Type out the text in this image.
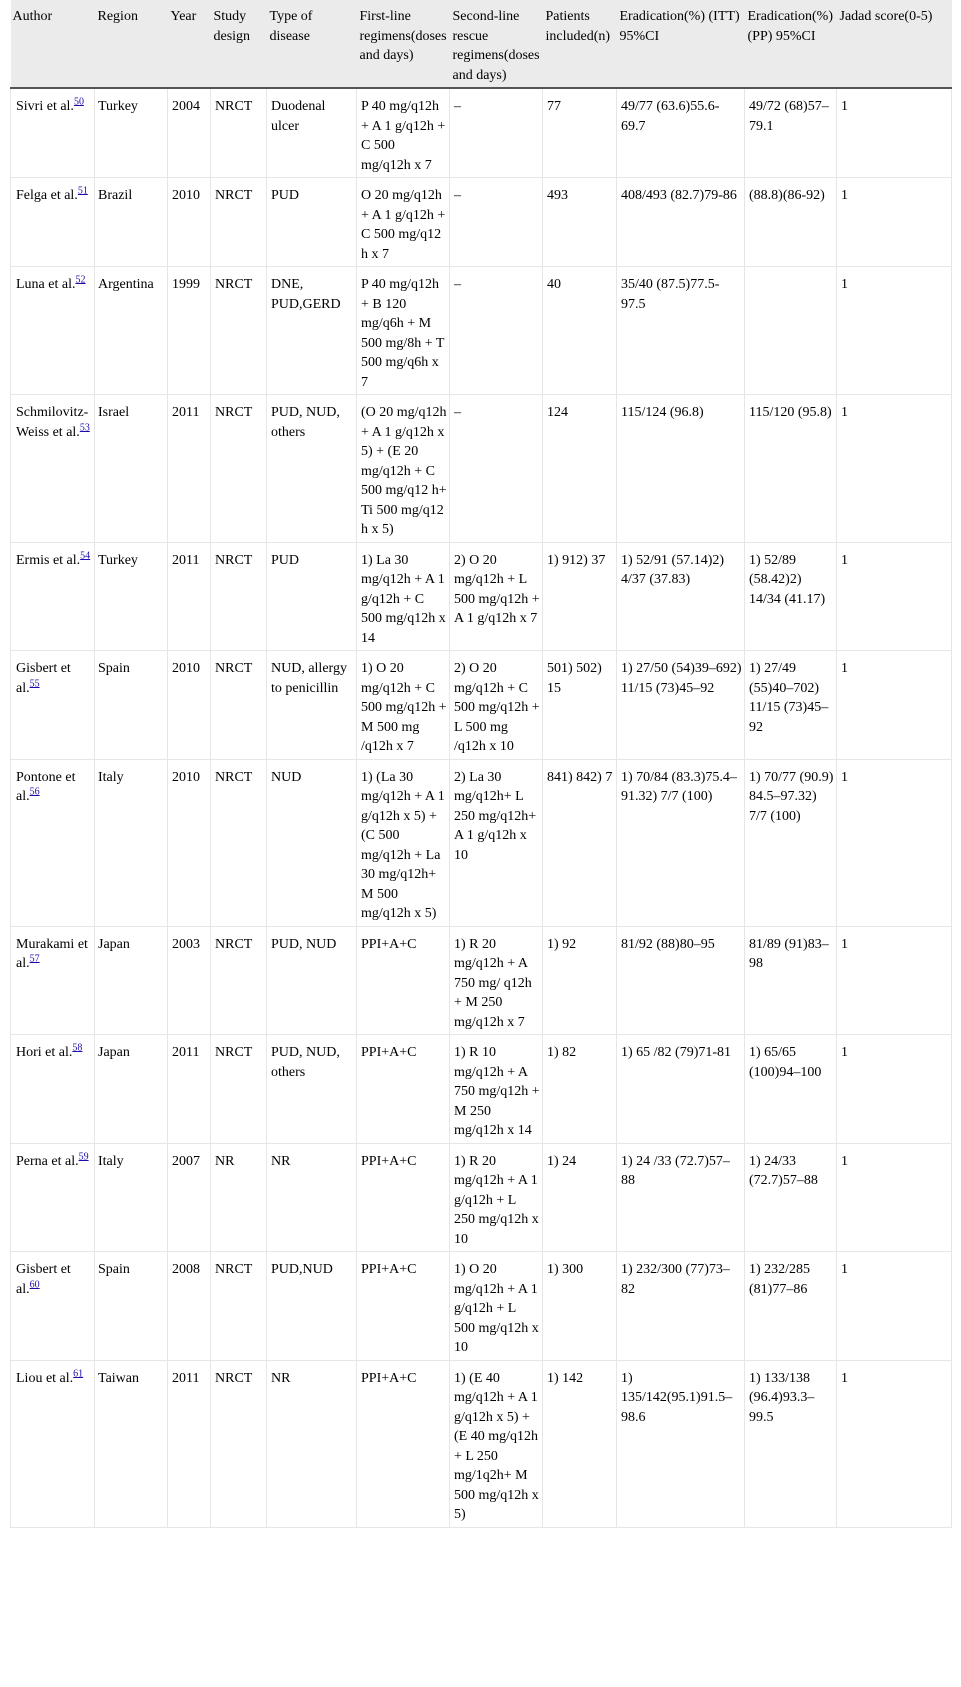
Author	Region	Year	Study design	Type of disease	First-line regimens(doses and days)	Second-line rescue regimens(doses and days)	Patients included(n)	Eradication(%) (ITT) 95%CI	Eradication(%) (PP) 95%CI	Jadad score(0-5)
Sivri et al.$^{50}$	Turkey	2004	NRCT	Duodenal ulcer	P 40 mg/q12h + A 1 g/q12h + C 500 mg/q12h x 7	–	77	49/77 (63.6)55.6-69.7	49/72 (68)57–79.1	1
Felga et al.$^{51}$	Brazil	2010	NRCT	PUD	O 20 mg/q12h + A 1 g/q12h + C 500 mg/q12 h x 7	–	493	408/493 (82.7)79-86	(88.8)(86-92)	1
Luna et al.$^{52}$	Argentina	1999	NRCT	DNE, PUD,GERD	P 40 mg/q12h + B 120 mg/q6h + M 500 mg/8h + T 500 mg/q6h x 7	–	40	35/40 (87.5)77.5-97.5		1
Schmilovitz-Weiss et al.$^{53}$	Israel	2011	NRCT	PUD, NUD, others	(O 20 mg/q12h + A 1 g/q12h x 5) + (E 20 mg/q12h + C 500 mg/q12 h+ Ti 500 mg/q12 h x 5)	–	124	115/124 (96.8)	115/120 (95.8)	1
Ermis et al.$^{54}$	Turkey	2011	NRCT	PUD	1) La 30 mg/q12h + A 1 g/q12h + C 500 mg/q12h x 14	2) O 20 mg/q12h + L 500 mg/q12h + A 1 g/q12h x 7	1) 912) 37	1) 52/91 (57.14)2) 4/37 (37.83)	1) 52/89 (58.42)2) 14/34 (41.17)	1
Gisbert et al.$^{55}$	Spain	2010	NRCT	NUD, allergy to penicillin	1) O 20 mg/q12h + C 500 mg/q12h + M 500 mg /q12h x 7	2) O 20 mg/q12h + C 500 mg/q12h + L 500 mg /q12h x 10	501) 502) 15	1) 27/50 (54)39–692) 11/15 (73)45–92	1) 27/49 (55)40–702) 11/15 (73)45–92	1
Pontone et al.$^{56}$	Italy	2010	NRCT	NUD	1) (La 30 mg/q12h + A 1 g/q12h x 5) + (C 500 mg/q12h + La 30 mg/q12h+ M 500 mg/q12h x 5)	2) La 30 mg/q12h+ L 250 mg/q12h+ A 1 g/q12h x 10	841) 842) 7	1) 70/84 (83.3)75.4–91.32) 7/7 (100)	1) 70/77 (90.9) 84.5–97.32) 7/7 (100)	1
Murakami et al.$^{57}$	Japan	2003	NRCT	PUD, NUD	PPI+A+C	1) R 20 mg/q12h + A 750 mg/ q12h + M 250 mg/q12h x 7	1) 92	81/92 (88)80–95	81/89 (91)83–98	1
Hori et al.$^{58}$	Japan	2011	NRCT	PUD, NUD, others	PPI+A+C	1) R 10 mg/q12h + A 750 mg/q12h + M 250 mg/q12h x 14	1) 82	1) 65 /82 (79)71-81	1) 65/65 (100)94–100	1
Perna et al.$^{59}$	Italy	2007	NR	NR	PPI+A+C	1) R 20 mg/q12h + A 1 g/q12h + L 250 mg/q12h x 10	1) 24	1) 24 /33 (72.7)57–88	1) 24/33 (72.7)57–88	1
Gisbert et al.$^{60}$	Spain	2008	NRCT	PUD,NUD	PPI+A+C	1) O 20 mg/q12h + A 1 g/q12h + L 500 mg/q12h x 10	1) 300	1) 232/300 (77)73–82	1) 232/285 (81)77–86	1
Liou et al.$^{61}$	Taiwan	2011	NRCT	NR	PPI+A+C	1) (E 40 mg/q12h + A 1 g/q12h x 5) + (E 40 mg/q12h + L 250 mg/1q2h+ M 500 mg/q12h x 5)	1) 142	1) 135/142(95.1)91.5–98.6	1) 133/138 (96.4)93.3–99.5	1
